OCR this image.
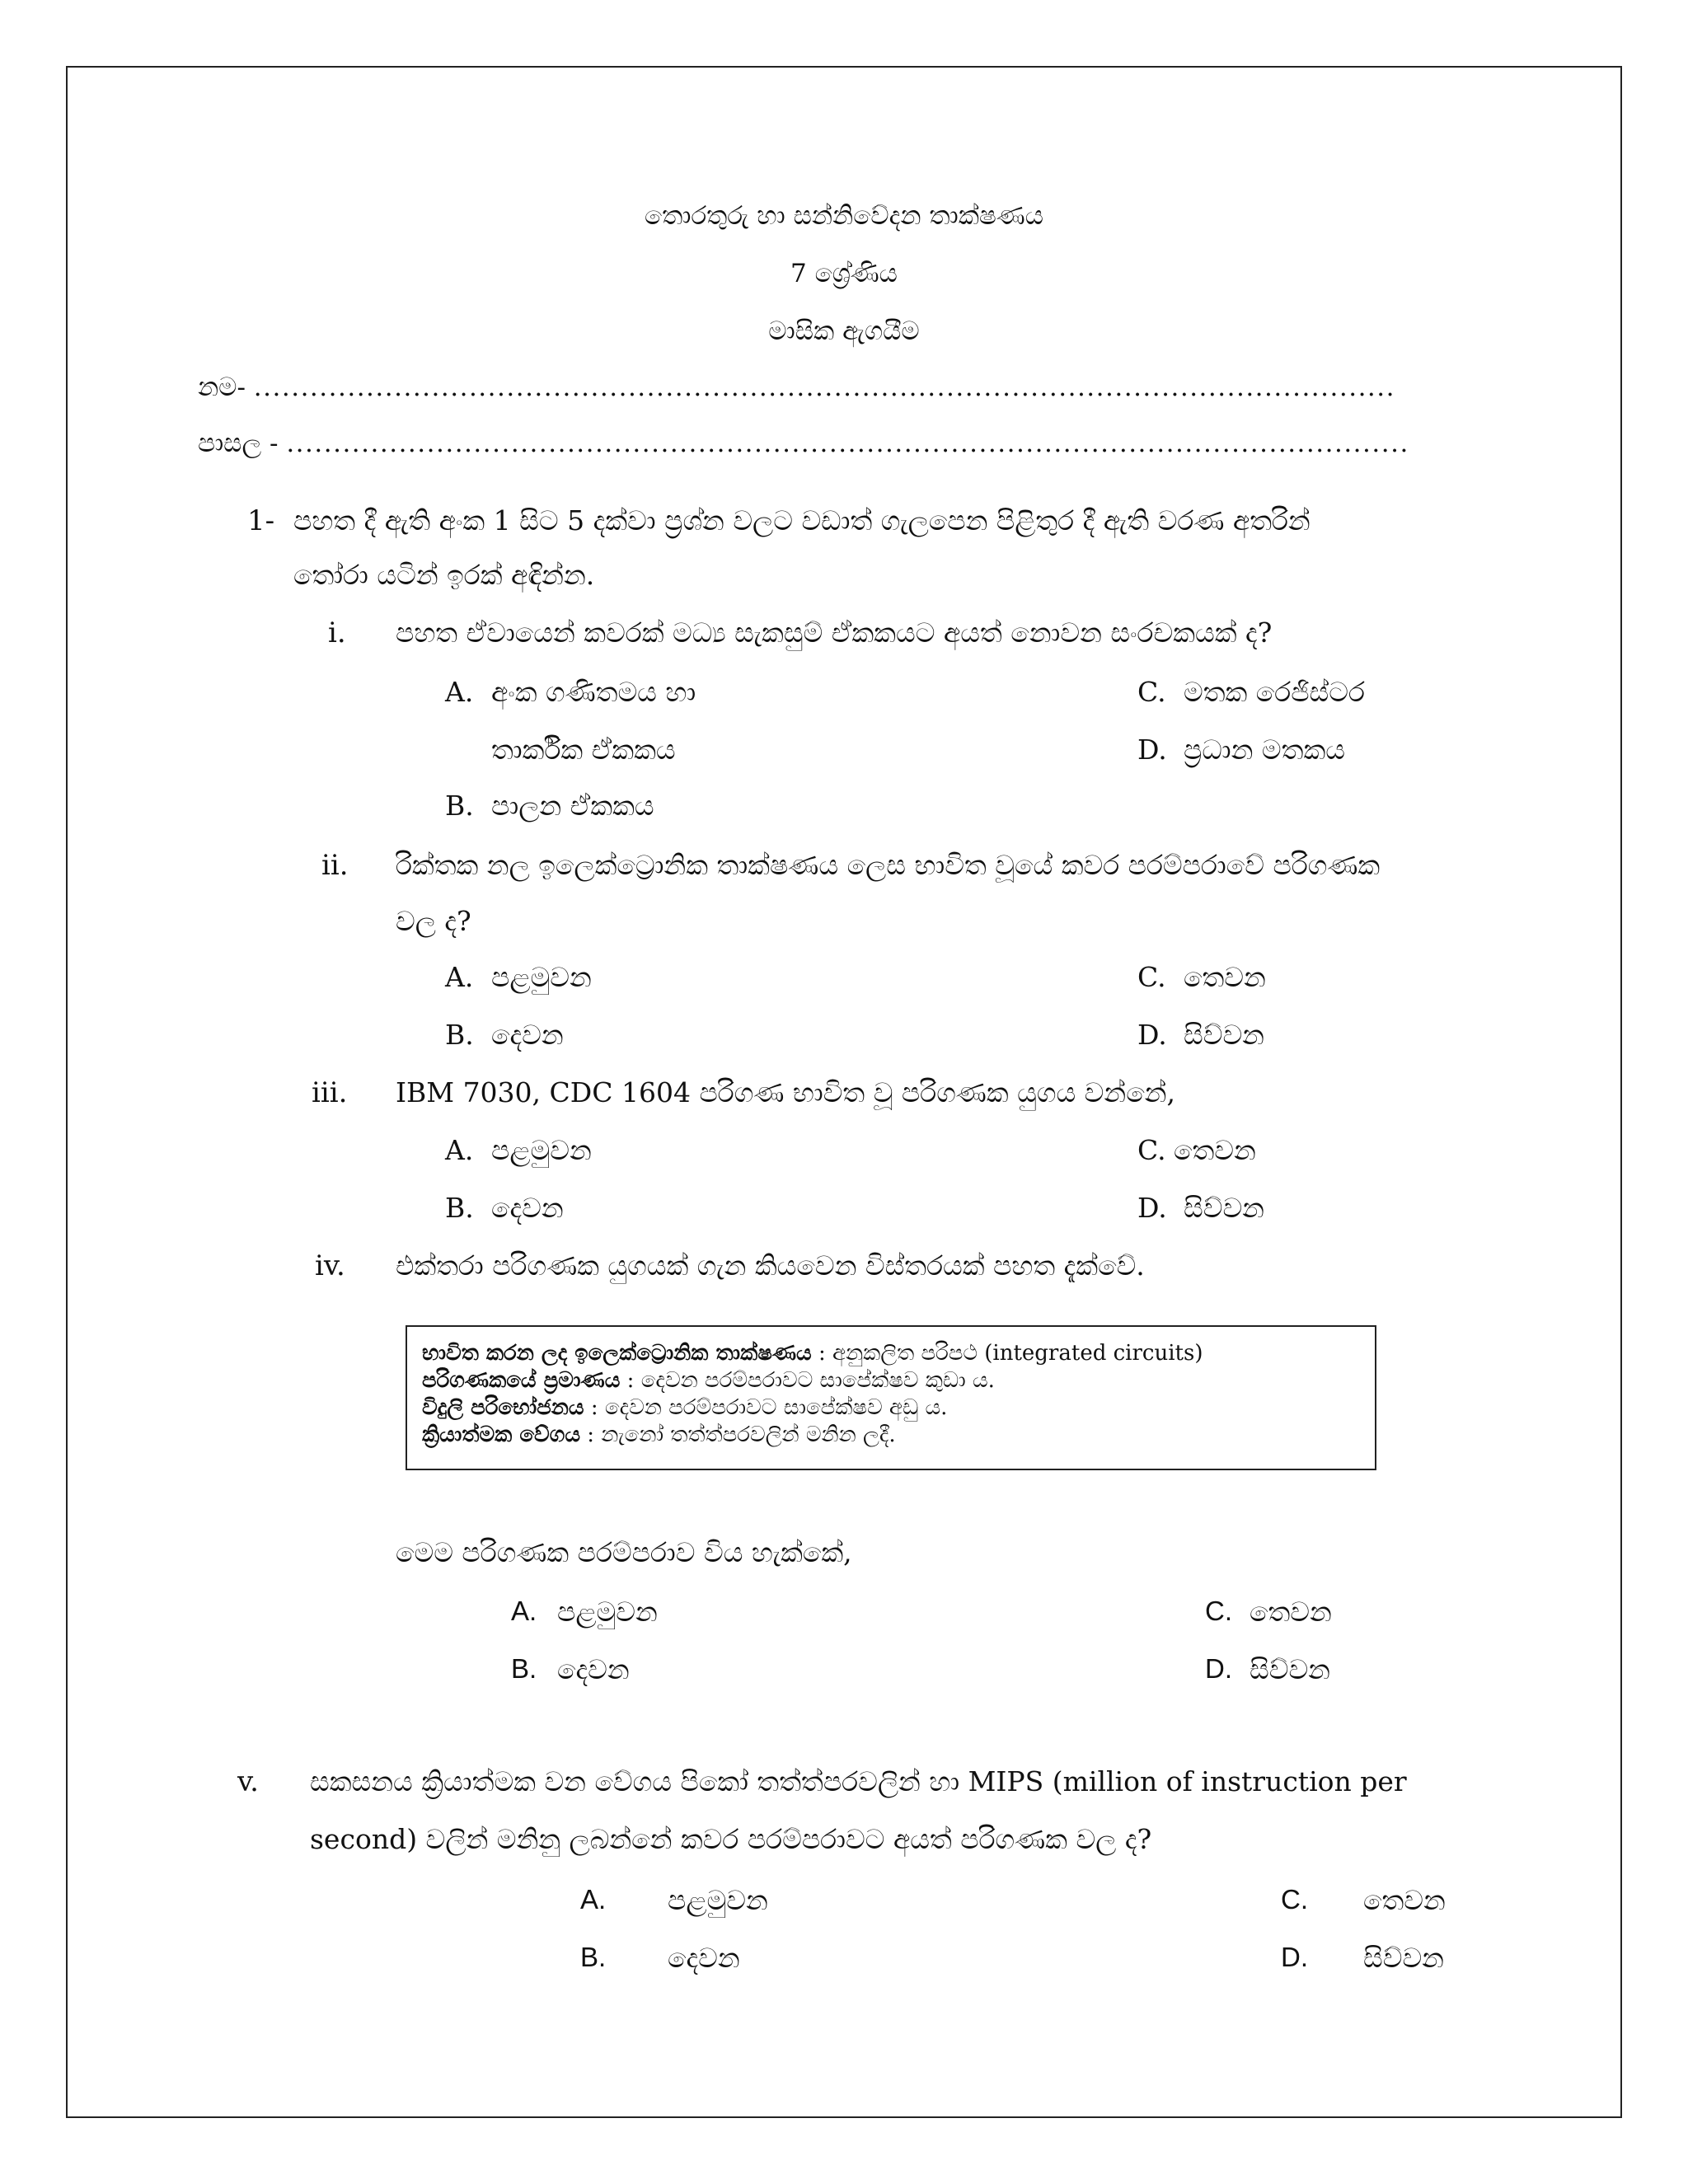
තොරතුරු හා සන්නිවේදන තාක්ෂණය
7 ශ්‍රේණිය
මාසික ඇගයීම
නම- ..........................................................................................................................
පාසල - ........................................................................................................................
1- පහත දී ඇති අංක 1 සිට 5 දක්වා ප්‍රශ්න වලට වඩාත් ගැලපෙන පිළිතුර දී ඇති වරණ අතරින්
තෝරා යටින් ඉරක් අඳින්න.
i. පහත ඒවායෙන් කවරක් මධ්‍ය සැකසුම් ඒකකයට අයත් නොවන සංරචකයක් ද?
A. අංක ගණිතමය හා
තාර්කික ඒකකය
B. පාලන ඒකකය
C. මතක රෙජිස්ටර
D. ප්‍රධාන මතකය
ii. රික්තක නල ඉලෙක්ට්‍රොනික තාක්ෂණය ලෙස භාවිත වූයේ කවර පරම්පරාවේ පරිගණක
වල ද?
A. පළමුවන
B. දෙවන
C. තෙවන
D. සිව්වන
iii. IBM 7030, CDC 1604 පරිගණ භාවිත වූ පරිගණක යුගය වන්නේ,
A. පළමුවන
B. දෙවන
C. තෙවන
D. සිව්වන
iv. එක්තරා පරිගණක යුගයක් ගැන කියවෙන විස්තරයක් පහත දැක්වේ.
භාවිත කරන ලද ඉලෙක්ට්‍රොනික තාක්ෂණය : අනුකලිත පරිපථ (integrated circuits)
පරිගණකයේ ප්‍රමාණය : දෙවන පරම්පරාවට සාපේක්ෂව කුඩා ය.
විදුලි පරිභෝජනය : දෙවන පරම්පරාවට සාපේක්ෂව අඩු ය.
ක්‍රියාත්මක වේගය : නැනෝ තත්ත්පරවලින් මනින ලදී.
මෙම පරිගණක පරම්පරාව විය හැක්කේ,
A. පළමුවන
B. දෙවන
C. තෙවන
D. සිව්වන
v. සකසනය ක්‍රියාත්මක වන වේගය පිකෝ තත්ත්පරවලින් හා MIPS (million of instruction per
second) වලින් මනිනු ලබන්නේ කවර පරම්පරාවට අයත් පරිගණක වල ද?
A. පළමුවන
B. දෙවන
C. තෙවන
D. සිව්වන
